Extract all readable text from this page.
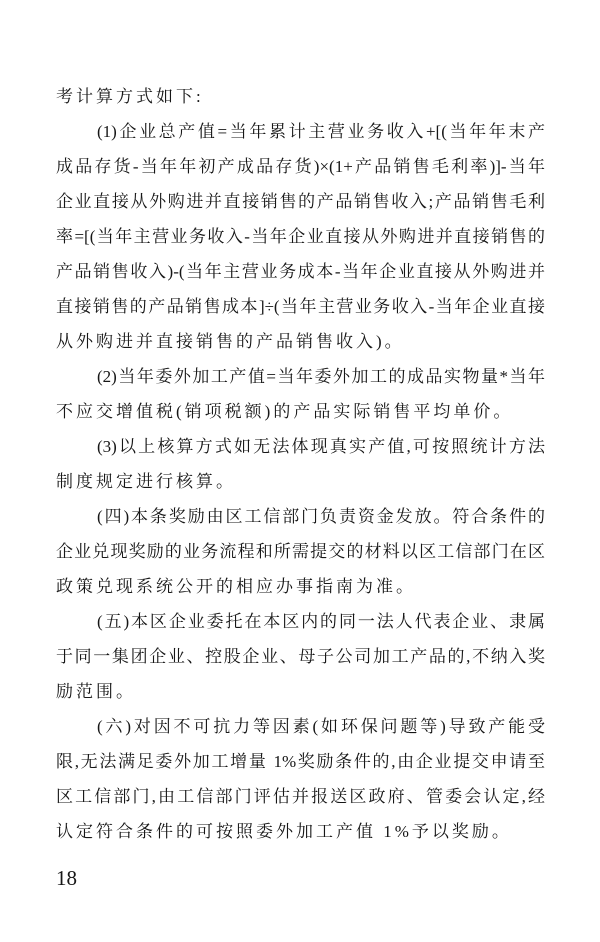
考计算方式如下:
(1)企业总产值=当年累计主营业务收入+[(当年年末产
成品存货-当年年初产成品存货)×(1+产品销售毛利率)]-当年
企业直接从外购进并直接销售的产品销售收入;产品销售毛利
率=[(当年主营业务收入-当年企业直接从外购进并直接销售的
产品销售收入)-(当年主营业务成本-当年企业直接从外购进并
直接销售的产品销售成本]÷(当年主营业务收入-当年企业直接
从外购进并直接销售的产品销售收入)。
(2)当年委外加工产值=当年委外加工的成品实物量*当年
不应交增值税(销项税额)的产品实际销售平均单价。
(3)以上核算方式如无法体现真实产值,可按照统计方法
制度规定进行核算。
(四)本条奖励由区工信部门负责资金发放。符合条件的
企业兑现奖励的业务流程和所需提交的材料以区工信部门在区
政策兑现系统公开的相应办事指南为准。
(五)本区企业委托在本区内的同一法人代表企业、隶属
于同一集团企业、控股企业、母子公司加工产品的,不纳入奖
励范围。
(六)对因不可抗力等因素(如环保问题等)导致产能受
限,无法满足委外加工增量 1%奖励条件的,由企业提交申请至
区工信部门,由工信部门评估并报送区政府、管委会认定,经
认定符合条件的可按照委外加工产值 1%予以奖励。
18
